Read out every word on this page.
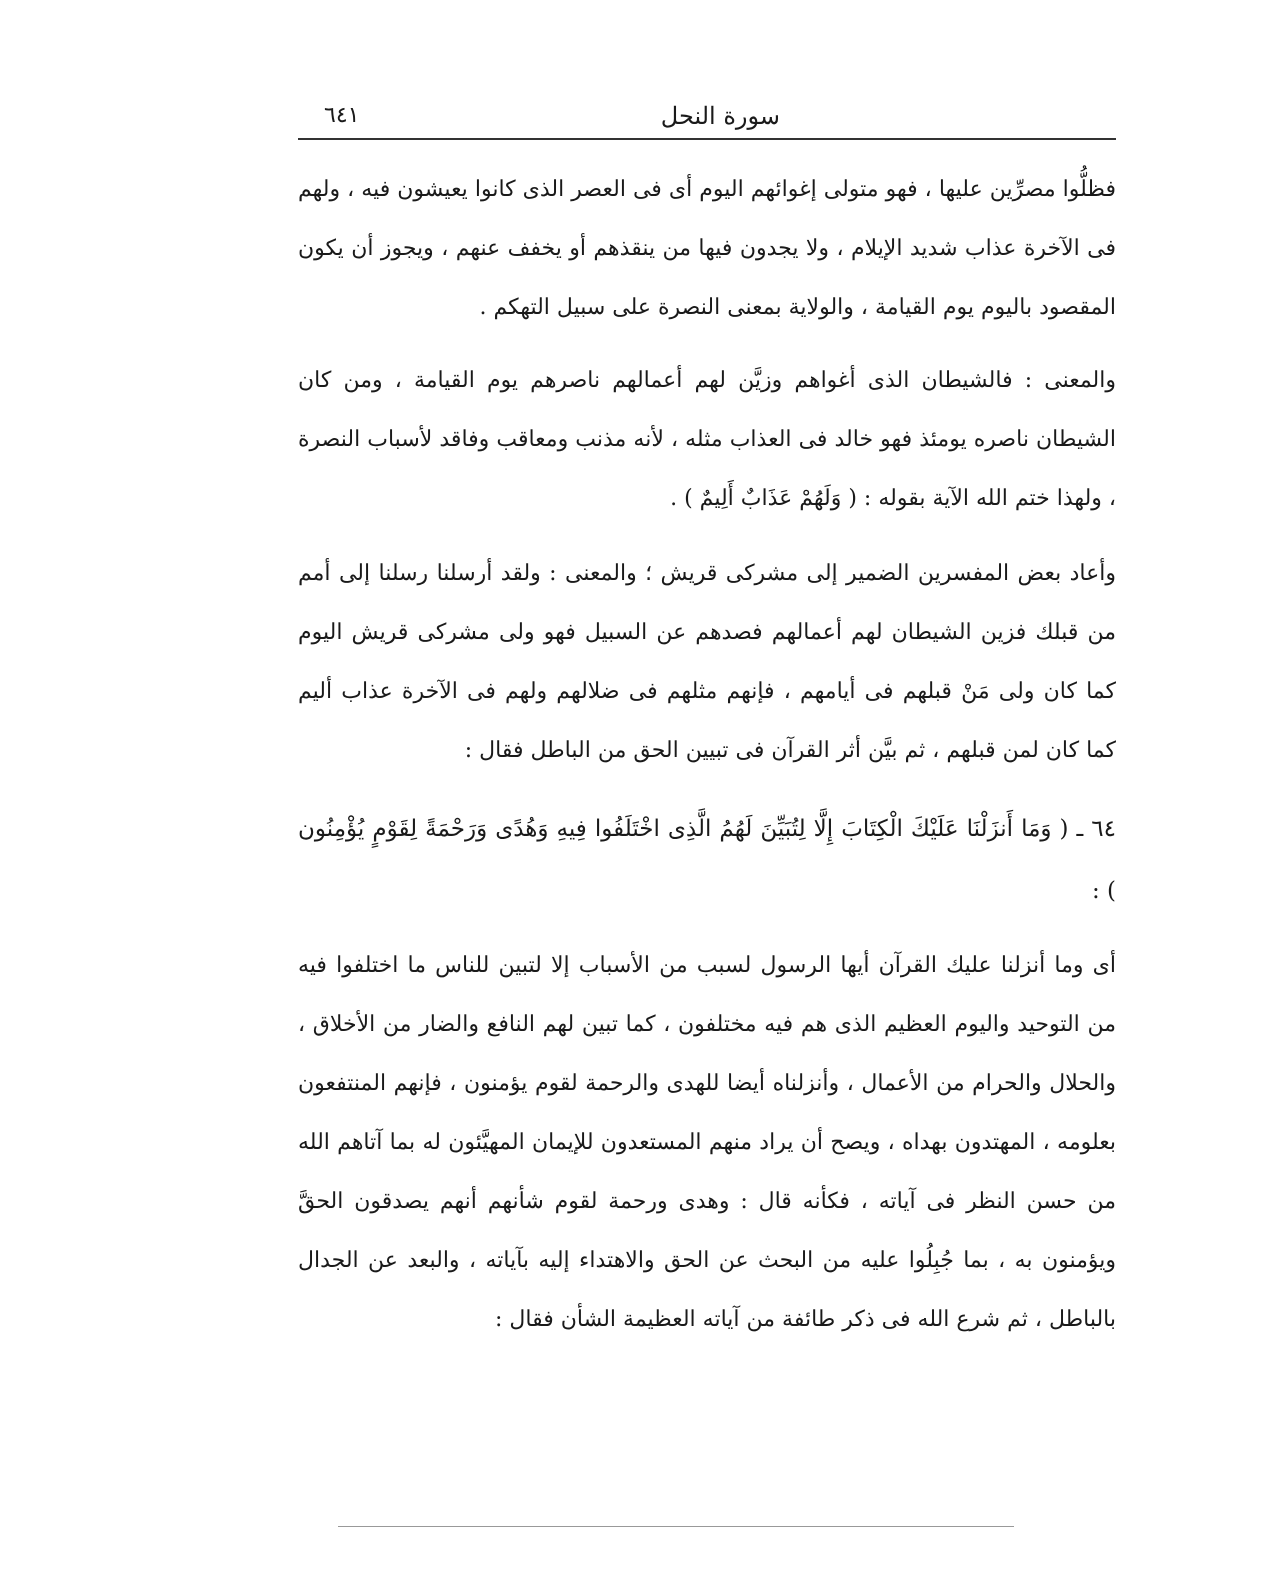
سورة النحل
٦٤١

فظلُّوا مصرِّين عليها ، فهو متولى إغوائهم اليوم أى فى العصر الذى كانوا يعيشون فيه ، ولهم فى الآخرة عذاب شديد الإيلام ، ولا يجدون فيها من ينقذهم أو يخفف عنهم ، ويجوز أن يكون المقصود باليوم يوم القيامة ، والولاية بمعنى النصرة على سبيل التهكم .

والمعنى : فالشيطان الذى أغواهم وزيَّن لهم أعمالهم ناصرهم يوم القيامة ، ومن كان الشيطان ناصره يومئذ فهو خالد فى العذاب مثله ، لأنه مذنب ومعاقب وفاقد لأسباب النصرة ، ولهذا ختم الله الآية بقوله : ( وَلَهُمْ عَذَابٌ أَلِيمٌ ) .

وأعاد بعض المفسرين الضمير إلى مشركى قريش ؛ والمعنى : ولقد أرسلنا رسلنا إلى أمم من قبلك فزين الشيطان لهم أعمالهم فصدهم عن السبيل فهو ولى مشركى قريش اليوم كما كان ولى مَنْ قبلهم فى أيامهم ، فإنهم مثلهم فى ضلالهم ولهم فى الآخرة عذاب أليم كما كان لمن قبلهم ، ثم بيَّن أثر القرآن فى تبيين الحق من الباطل فقال :

٦٤ ـ ( وَمَا أَنزَلْنَا عَلَيْكَ الْكِتَابَ إِلَّا لِتُبَيِّنَ لَهُمُ الَّذِى اخْتَلَفُوا فِيهِ وَهُدًى وَرَحْمَةً لِقَوْمٍ يُؤْمِنُون ) :

أى وما أنزلنا عليك القرآن أيها الرسول لسبب من الأسباب إلا لتبين للناس ما اختلفوا فيه من التوحيد واليوم العظيم الذى هم فيه مختلفون ، كما تبين لهم النافع والضار من الأخلاق ، والحلال والحرام من الأعمال ، وأنزلناه أيضا للهدى والرحمة لقوم يؤمنون ، فإنهم المنتفعون بعلومه ، المهتدون بهداه ، ويصح أن يراد منهم المستعدون للإيمان المهيَّئون له بما آتاهم الله من حسن النظر فى آياته ، فكأنه قال : وهدى ورحمة لقوم شأنهم أنهم يصدقون الحقَّ ويؤمنون به ، بما جُبِلُوا عليه من البحث عن الحق والاهتداء إليه بآياته ، والبعد عن الجدال بالباطل ، ثم شرع الله فى ذكر طائفة من آياته العظيمة الشأن فقال :
